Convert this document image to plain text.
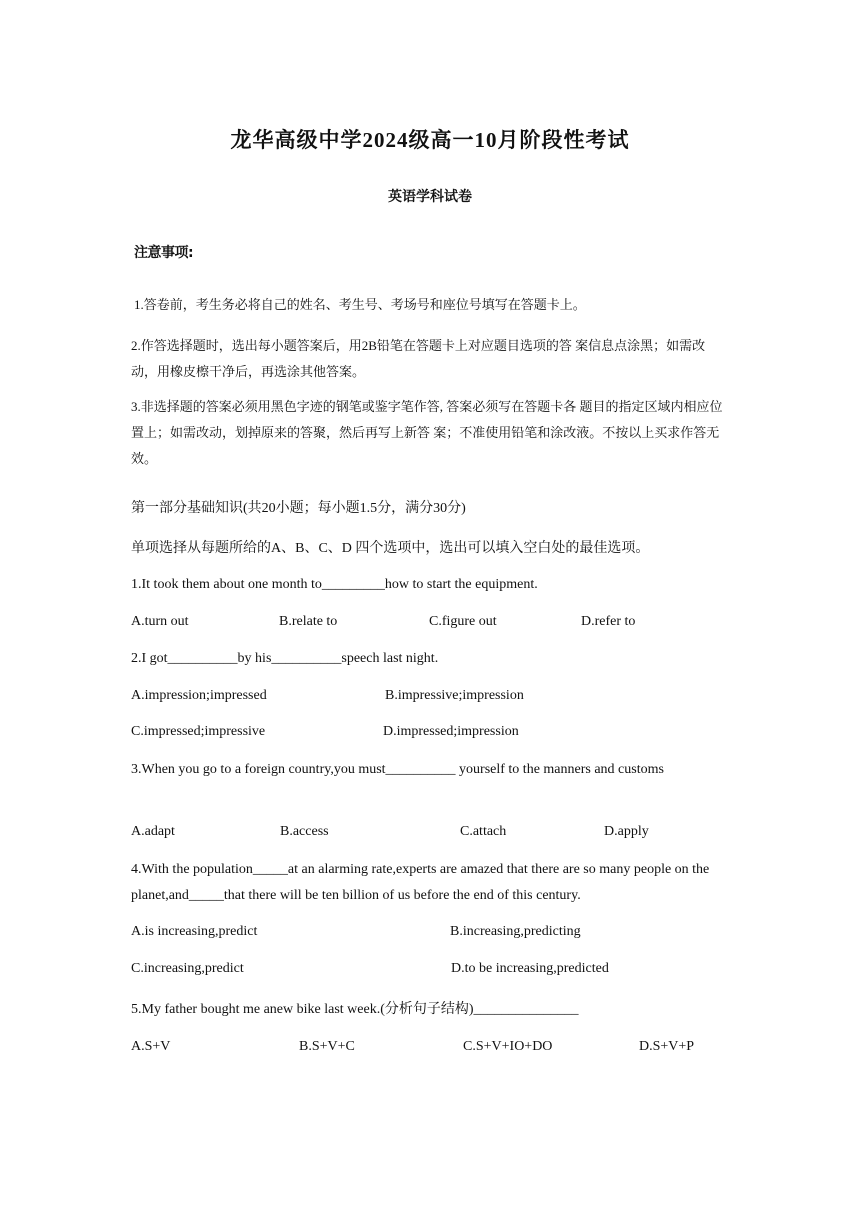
龙华高级中学2024级高一10月阶段性考试
英语学科试卷
注意事项:
1.答卷前，考生务必将自己的姓名、考生号、考场号和座位号填写在答题卡上。
2.作答选择题时，选出每小题答案后，用2B铅笔在答题卡上对应题目选项的答 案信息点涂黑；如需改动，用橡皮檫干净后，再选涂其他答案。
3.非选择题的答案必须用黑色字迹的钢笔或鉴字笔作答, 答案必须写在答题卡各 题目的指定区域内相应位置上；如需改动，划掉原来的答聚，然后再写上新答 案；不准使用铅笔和涂改液。不按以上买求作答无效。
第一部分基础知识(共20小题；每小题1.5分，满分30分)
单项选择从每题所给的A、B、C、D 四个选项中，选出可以填入空白处的最佳选项。
1.It took them about one month to_________how to start the equipment.
A.turn out	B.relate to	C.figure out	D.refer to
2.I got__________by his__________speech last night.
A.impression;impressed	B.impressive;impression
C.impressed;impressive	D.impressed;impression
3.When you go to a foreign country,you must__________ yourself to the manners and customs
A.adapt	B.access	C.attach	D.apply
4.With the population_____at an alarming rate,experts are amazed that there are so many people on the planet,and_____that there will be ten billion of us before the end of this century.
A.is increasing,predict	B.increasing,predicting
C.increasing,predict	D.to be increasing,predicted
5.My father bought me anew bike last week.(分析句子结构)_______________
A.S+V	B.S+V+C	C.S+V+IO+DO	D.S+V+P
